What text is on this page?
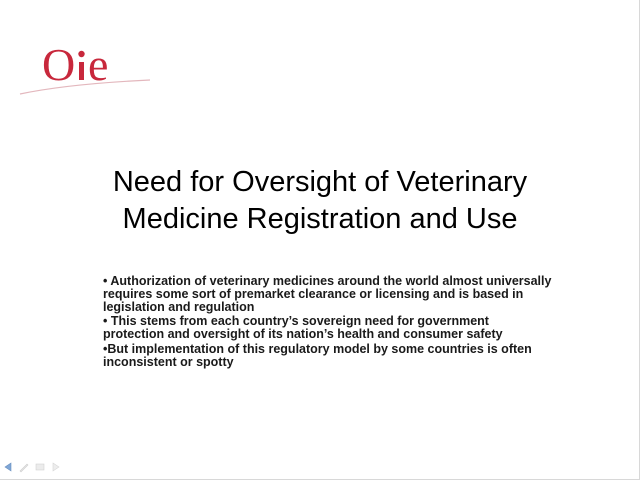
O e
Need for Oversight of Veterinary
Medicine Registration and Use
• Authorization of veterinary medicines around the world almost universally requires some sort of premarket clearance or licensing and is based in legislation and regulation
• This stems from each country’s sovereign need for government protection and oversight of its nation’s health and consumer safety
•But implementation of this regulatory model by some countries is often inconsistent or spotty
